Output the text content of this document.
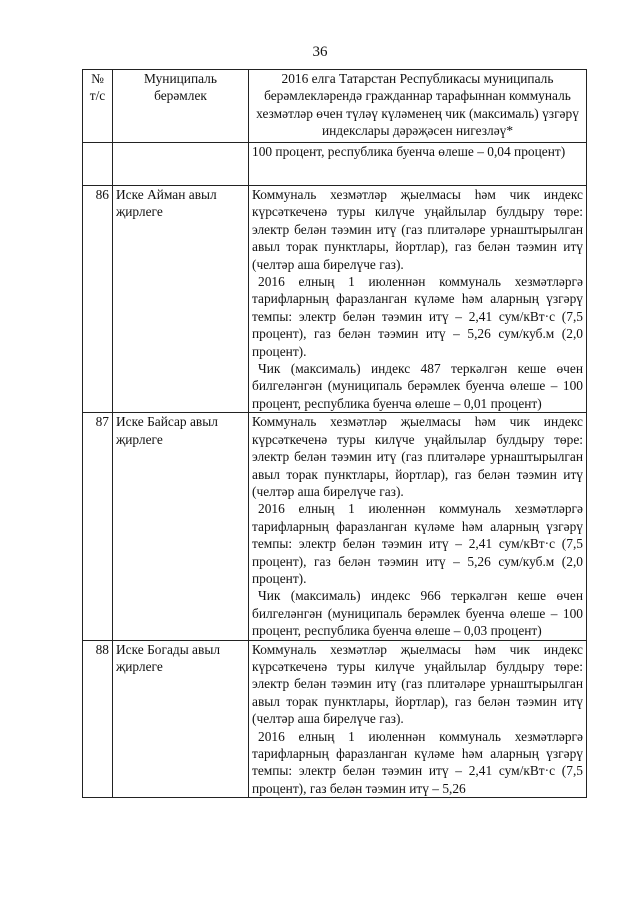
36
№ т/с	Муниципаль берәмлек	2016 елга Татарстан Республикасы муниципаль берәмлекләрендә гражданнар тарафыннан коммуналь хезмәтләр өчен түләү күләменең чик (максималь) үзгәрү индекслары дәрәҗәсен нигезләү*
		100 процент, республика буенча өлеше – 0,04 процент)
86	Иске Айман авыл җирлеге	Коммуналь хезмәтләр җыелмасы һәм чик индекс күрсәткеченә туры килүче уңайлылар булдыру төре: электр белән тәэмин итү (газ плитәләре урнаштырылган авыл торак пунктлары, йортлар), газ белән тәэмин итү (челтәр аша бирелүче газ).
2016 елның 1 июленнән коммуналь хезмәтләргә тарифларның фаразланган күләме һәм аларның үзгәрү темпы: электр белән тәэмин итү – 2,41 сум/кВт·с (7,5 процент), газ белән тәэмин итү – 5,26 сум/куб.м (2,0 процент).
Чик (максималь) индекс 487 теркәлгән кеше өчен билгеләнгән (муниципаль берәмлек буенча өлеше – 100 процент, республика буенча өлеше – 0,01 процент)

87	Иске Байсар авыл җирлеге	Коммуналь хезмәтләр җыелмасы һәм чик индекс күрсәткеченә туры килүче уңайлылар булдыру төре: электр белән тәэмин итү (газ плитәләре урнаштырылган авыл торак пунктлары, йортлар), газ белән тәэмин итү (челтәр аша бирелүче газ).
2016 елның 1 июленнән коммуналь хезмәтләргә тарифларның фаразланган күләме һәм аларның үзгәрү темпы: электр белән тәэмин итү – 2,41 сум/кВт·с (7,5 процент), газ белән тәэмин итү – 5,26 сум/куб.м (2,0 процент).
Чик (максималь) индекс 966 теркәлгән кеше өчен билгеләнгән (муниципаль берәмлек буенча өлеше – 100 процент, республика буенча өлеше – 0,03 процент)

88	Иске Богады авыл җирлеге	Коммуналь хезмәтләр җыелмасы һәм чик индекс күрсәткеченә туры килүче уңайлылар булдыру төре: электр белән тәэмин итү (газ плитәләре урнаштырылган авыл торак пунктлары, йортлар), газ белән тәэмин итү (челтәр аша бирелүче газ).
2016 елның 1 июленнән коммуналь хезмәтләргә тарифларның фаразланган күләме һәм аларның үзгәрү темпы: электр белән тәэмин итү – 2,41 сум/кВт·с (7,5 процент), газ белән тәэмин итү – 5,26
